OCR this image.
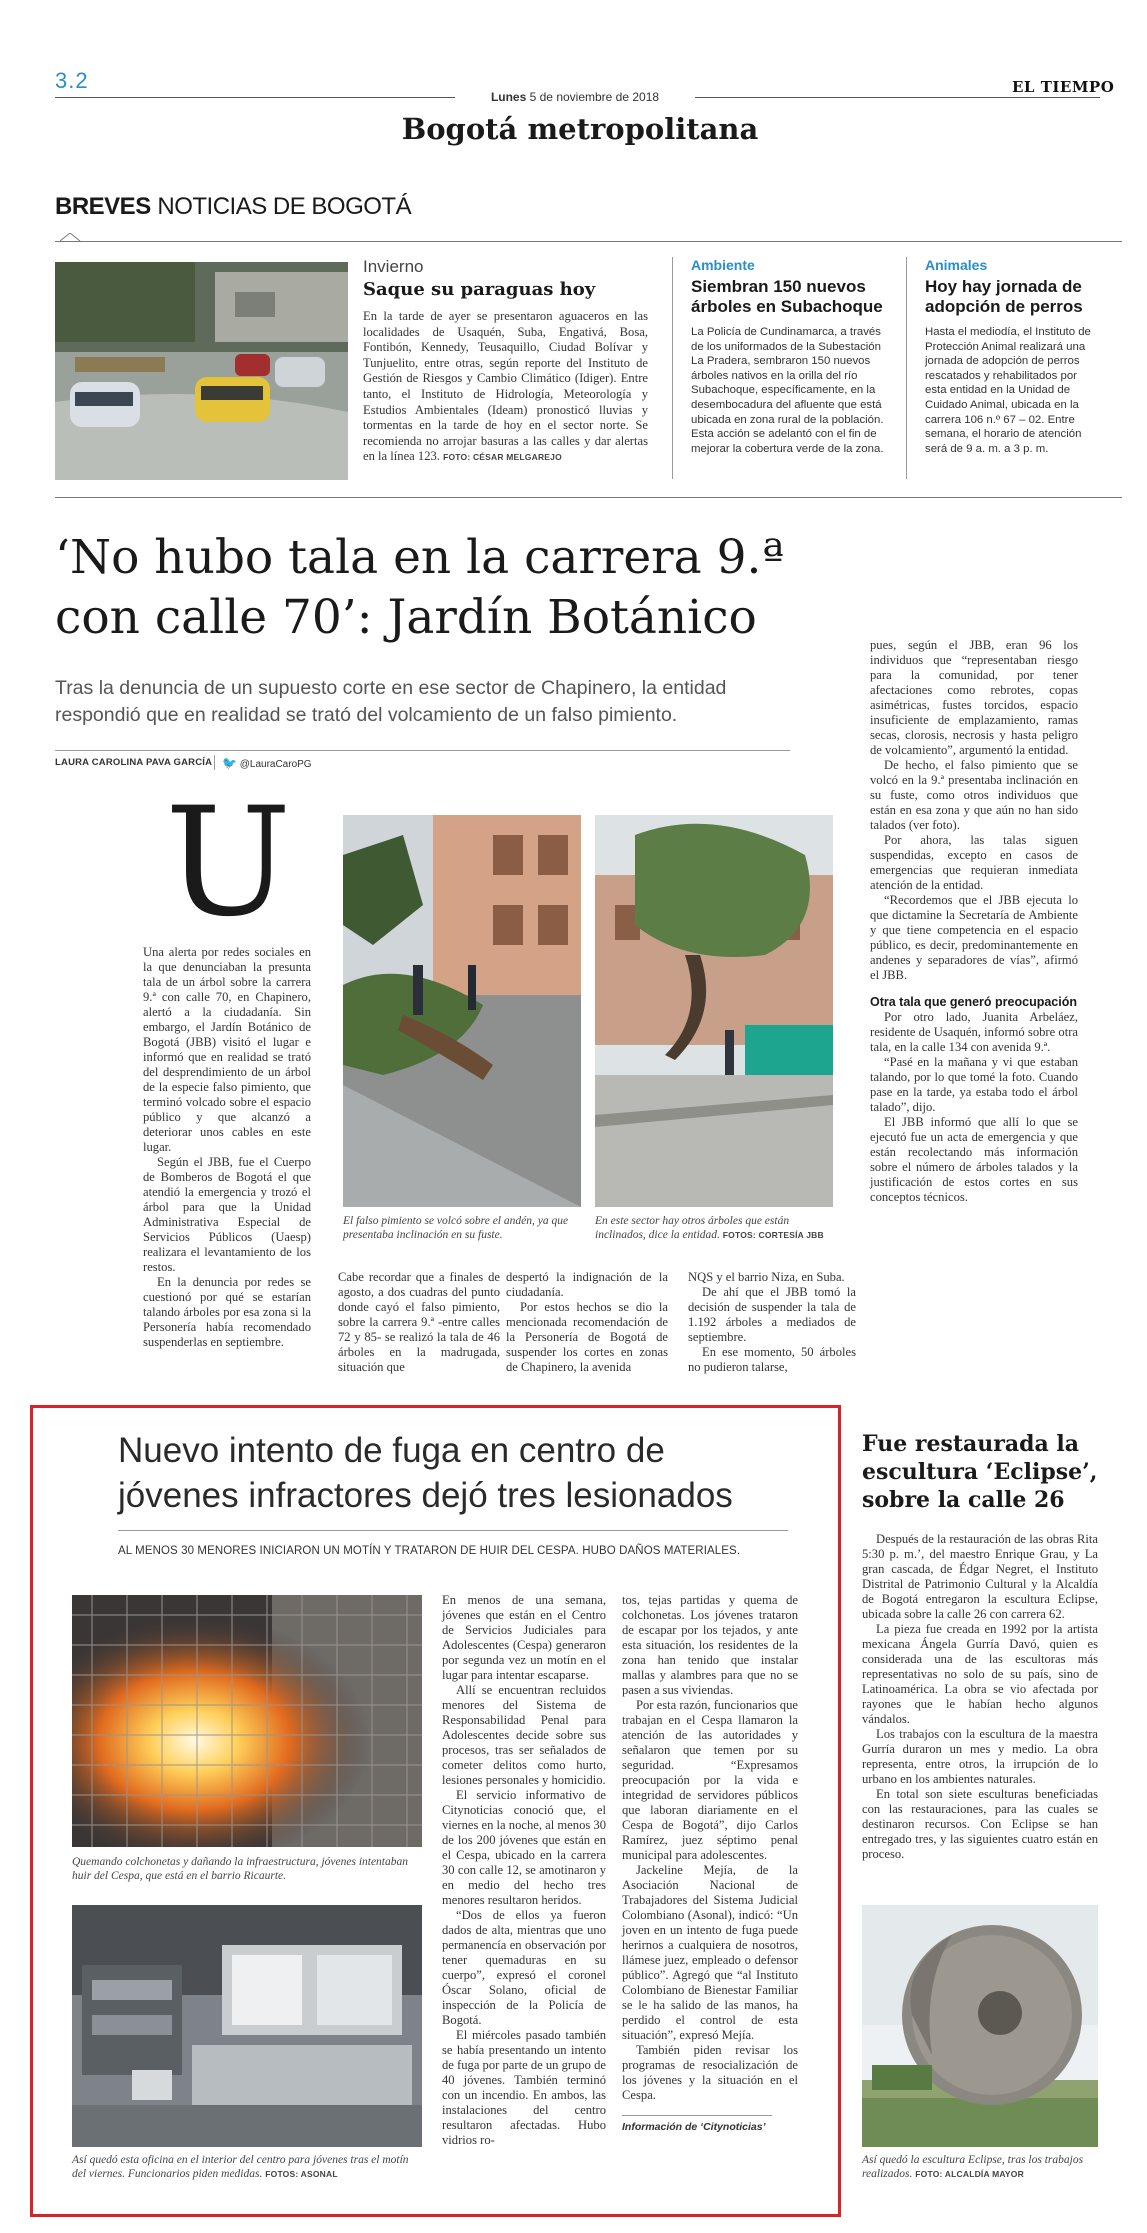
3.2
Lunes 5 de noviembre de 2018
EL TIEMPO
Bogotá metropolitana
BREVES NOTICIAS DE BOGOTÁ
Invierno
Saque su paraguas hoy
En la tarde de ayer se presentaron aguaceros en las localidades de Usaquén, Suba, Engativá, Bosa, Fontibón, Kennedy, Teusaquillo, Ciudad Bolívar y Tunjuelito, entre otras, según reporte del Instituto de Gestión de Riesgos y Cambio Climático (Idiger). Entre tanto, el Instituto de Hidrología, Meteorología y Estudios Ambientales (Ideam) pronosticó lluvias y tormentas en la tarde de hoy en el sector norte. Se recomienda no arrojar basuras a las calles y dar alertas en la línea 123. FOTO: CÉSAR MELGAREJO
Ambiente
Siembran 150 nuevos árboles en Subachoque
La Policía de Cundinamarca, a través de los uniformados de la Subestación La Pradera, sembraron 150 nuevos árboles nativos en la orilla del río Subachoque, específicamente, en la desembocadura del afluente que está ubicada en zona rural de la población. Esta acción se adelantó con el fin de mejorar la cobertura verde de la zona.
Animales
Hoy hay jornada de adopción de perros
Hasta el mediodía, el Instituto de Protección Animal realizará una jornada de adopción de perros rescatados y rehabilitados por esta entidad en la Unidad de Cuidado Animal, ubicada en la carrera 106 n.º 67 – 02. Entre semana, el horario de atención será de 9 a. m. a 3 p. m.
‘No hubo tala en la carrera 9.ª
con calle 70’: Jardín Botánico
Tras la denuncia de un supuesto corte en ese sector de Chapinero, la entidad respondió que en realidad se trató del volcamiento de un falso pimiento.
LAURA CAROLINA PAVA GARCÍA 🐦 @LauraCaroPG
U

Una alerta por redes sociales en la que denunciaban la presunta tala de un árbol sobre la carrera 9.ª con calle 70, en Chapinero, alertó a la ciudadanía. Sin embargo, el Jardín Botánico de Bogotá (JBB) visitó el lugar e informó que en realidad se trató del desprendimiento de un árbol de la especie falso pimiento, que terminó volcado sobre el espacio público y que alcanzó a deteriorar unos cables en este lugar.

Según el JBB, fue el Cuerpo de Bomberos de Bogotá el que atendió la emergencia y trozó el árbol para que la Unidad Administrativa Especial de Servicios Públicos (Uaesp) realizara el levantamiento de los restos.

En la denuncia por redes se cuestionó por qué se estarían talando árboles por esa zona si la Personería había recomendado suspenderlas en septiembre.

El falso pimiento se volcó sobre el andén, ya que presentaba inclinación en su fuste.
En este sector hay otros árboles que están inclinados, dice la entidad. FOTOS: CORTESÍA JBB

Cabe recordar que a finales de agosto, a dos cuadras del punto donde cayó el falso pimiento, sobre la carrera 9.ª -entre calles 72 y 85- se realizó la tala de 46 árboles en la madrugada, situación que

despertó la indignación de la ciudadanía.

Por estos hechos se dio la mencionada recomendación de la Personería de Bogotá de suspender los cortes en zonas de Chapinero, la avenida

NQS y el barrio Niza, en Suba.

De ahí que el JBB tomó la decisión de suspender la tala de 1.192 árboles a mediados de septiembre.

En ese momento, 50 árboles no pudieron talarse,

pues, según el JBB, eran 96 los individuos que “representaban riesgo para la comunidad, por tener afectaciones como rebrotes, copas asimétricas, fustes torcidos, espacio insuficiente de emplazamiento, ramas secas, clorosis, necrosis y hasta peligro de volcamiento”, argumentó la entidad.

De hecho, el falso pimiento que se volcó en la 9.ª presentaba inclinación en su fuste, como otros individuos que están en esa zona y que aún no han sido talados (ver foto).

Por ahora, las talas siguen suspendidas, excepto en casos de emergencias que requieran inmediata atención de la entidad.

“Recordemos que el JBB ejecuta lo que dictamine la Secretaría de Ambiente y que tiene competencia en el espacio público, es decir, predominantemente en andenes y separadores de vías”, afirmó el JBB.

Otra tala que generó preocupación

Por otro lado, Juanita Arbeláez, residente de Usaquén, informó sobre otra tala, en la calle 134 con avenida 9.ª.

“Pasé en la mañana y vi que estaban talando, por lo que tomé la foto. Cuando pase en la tarde, ya estaba todo el árbol talado”, dijo.

El JBB informó que allí lo que se ejecutó fue un acta de emergencia y que están recolectando más información sobre el número de árboles talados y la justificación de estos cortes en sus conceptos técnicos.

Nuevo intento de fuga en centro de
jóvenes infractores dejó tres lesionados
AL MENOS 30 MENORES INICIARON UN MOTÍN Y TRATARON DE HUIR DEL CESPA. HUBO DAÑOS MATERIALES.
Quemando colchonetas y dañando la infraestructura, jóvenes intentaban huir del Cespa, que está en el barrio Ricaurte.
Así quedó esta oficina en el interior del centro para jóvenes tras el motín del viernes. Funcionarios piden medidas. FOTOS: ASONAL

En menos de una semana, jóvenes que están en el Centro de Servicios Judiciales para Adolescentes (Cespa) generaron por segunda vez un motín en el lugar para intentar escaparse.

Allí se encuentran recluidos menores del Sistema de Responsabilidad Penal para Adolescentes decide sobre sus procesos, tras ser señalados de cometer delitos como hurto, lesiones personales y homicidio.

El servicio informativo de Citynoticias conoció que, el viernes en la noche, al menos 30 de los 200 jóvenes que están en el Cespa, ubicado en la carrera 30 con calle 12, se amotinaron y en medio del hecho tres menores resultaron heridos.

“Dos de ellos ya fueron dados de alta, mientras que uno permanencía en observación por tener quemaduras en su cuerpo”, expresó el coronel Óscar Solano, oficial de inspección de la Policía de Bogotá.

El miércoles pasado también se había presentando un intento de fuga por parte de un grupo de 40 jóvenes. También terminó con un incendio. En ambos, las instalaciones del centro resultaron afectadas. Hubo vidrios ro-

tos, tejas partidas y quema de colchonetas. Los jóvenes trataron de escapar por los tejados, y ante esta situación, los residentes de la zona han tenido que instalar mallas y alambres para que no se pasen a sus viviendas.

Por esta razón, funcionarios que trabajan en el Cespa llamaron la atención de las autoridades y señalaron que temen por su seguridad. “Expresamos preocupación por la vida e integridad de servidores públicos que laboran diariamente en el Cespa de Bogotá”, dijo Carlos Ramírez, juez séptimo penal municipal para adolescentes.

Jackeline Mejía, de la Asociación Nacional de Trabajadores del Sistema Judicial Colombiano (Asonal), indicó: “Un joven en un intento de fuga puede herirnos a cualquiera de nosotros, llámese juez, empleado o defensor público”. Agregó que “al Instituto Colombiano de Bienestar Familiar se le ha salido de las manos, ha perdido el control de esta situación”, expresó Mejía.

También piden revisar los programas de resocialización de los jóvenes y la situación en el Cespa.

Información de ‘Citynoticias’
Fue restaurada la escultura ‘Eclipse’, sobre la calle 26

Después de la restauración de las obras Rita 5:30 p. m.’, del maestro Enrique Grau, y La gran cascada, de Édgar Negret, el Instituto Distrital de Patrimonio Cultural y la Alcaldía de Bogotá entregaron la escultura Eclipse, ubicada sobre la calle 26 con carrera 62.

La pieza fue creada en 1992 por la artista mexicana Ángela Gurría Davó, quien es considerada una de las escultoras más representativas no solo de su país, sino de Latinoamérica. La obra se vio afectada por rayones que le habían hecho algunos vándalos.

Los trabajos con la escultura de la maestra Gurría duraron un mes y medio. La obra representa, entre otros, la irrupción de lo urbano en los ambientes naturales.

En total son siete esculturas beneficiadas con las restauraciones, para las cuales se destinaron recursos. Con Eclipse se han entregado tres, y las siguientes cuatro están en proceso.

Así quedó la escultura Eclipse, tras los trabajos realizados. FOTO: ALCALDÍA MAYOR
